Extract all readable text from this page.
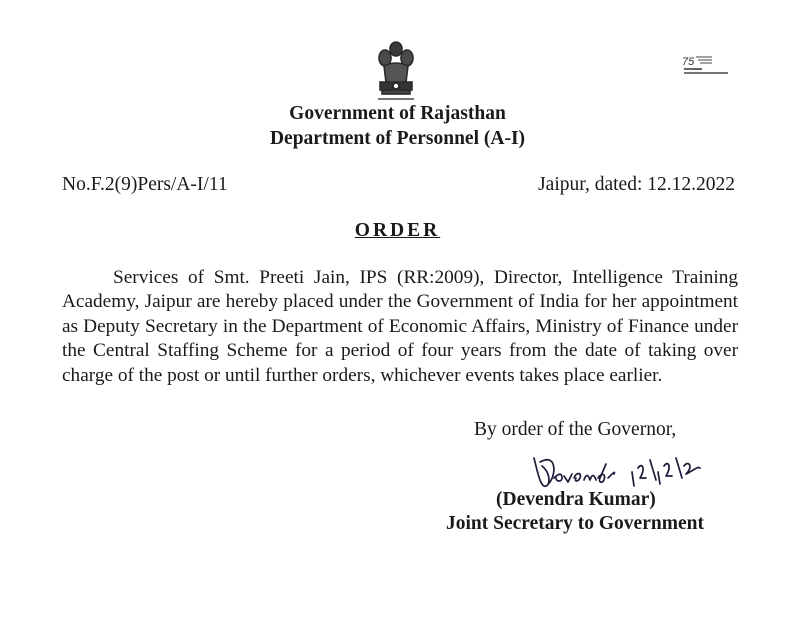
75
Government of Rajasthan
Department of Personnel (A-I)
No.F.2(9)Pers/A-I/11	Jaipur, dated: 12.12.2022
ORDER

Services of Smt. Preeti Jain, IPS (RR:2009), Director, Intelligence Training Academy, Jaipur are hereby placed under the Government of India for her appointment as Deputy Secretary in the Department of Economic Affairs, Ministry of Finance under the Central Staffing Scheme for a period of four years from the date of taking over charge of the post or until further orders, whichever events takes place earlier.

By order of the Governor,
(Devendra Kumar)
Joint Secretary to Government
